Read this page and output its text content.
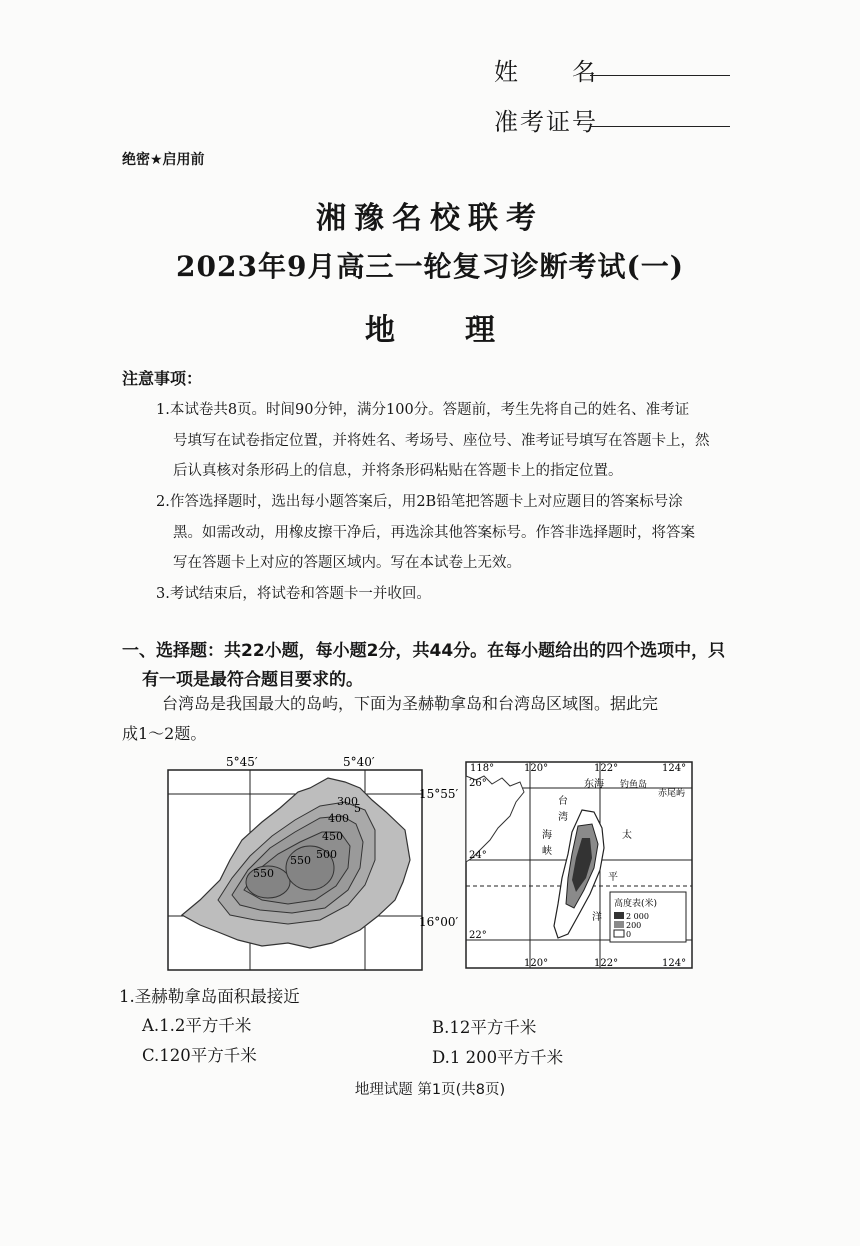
姓　　名
准考证号
绝密★启用前
湘豫名校联考
2023年9月高三一轮复习诊断考试(一)
地理
注意事项：
1.本试卷共8页。时间90分钟，满分100分。答题前，考生先将自己的姓名、准考证
号填写在试卷指定位置，并将姓名、考场号、座位号、准考证号填写在答题卡上，然
后认真核对条形码上的信息，并将条形码粘贴在答题卡上的指定位置。
2.作答选择题时，选出每小题答案后，用2B铅笔把答题卡上对应题目的答案标号涂
黑。如需改动，用橡皮擦干净后，再选涂其他答案标号。作答非选择题时，将答案
写在答题卡上对应的答题区域内。写在本试卷上无效。
3.考试结束后，将试卷和答题卡一并收回。
一、选择题：共22小题，每小题2分，共44分。在每小题给出的四个选项中，只
有一项是最符合题目要求的。
台湾岛是我国最大的岛屿，下面为圣赫勒拿岛和台湾岛区域图。据此完
成1～2题。
5°45′	5°40′
300
400
450
500
550
550
5
15°55′
16°00′
118°	120°	122°	124°
120°	122°	124°
26°
24°
22°
东海 钓鱼岛
赤尾屿
台
湾
海
峡
太
平
洋
高度表(米)
2 000
200
0
1.圣赫勒拿岛面积最接近
A.1.2平方千米	B.12平方千米
C.120平方千米	D.1 200平方千米
地理试题 第1页(共8页)
